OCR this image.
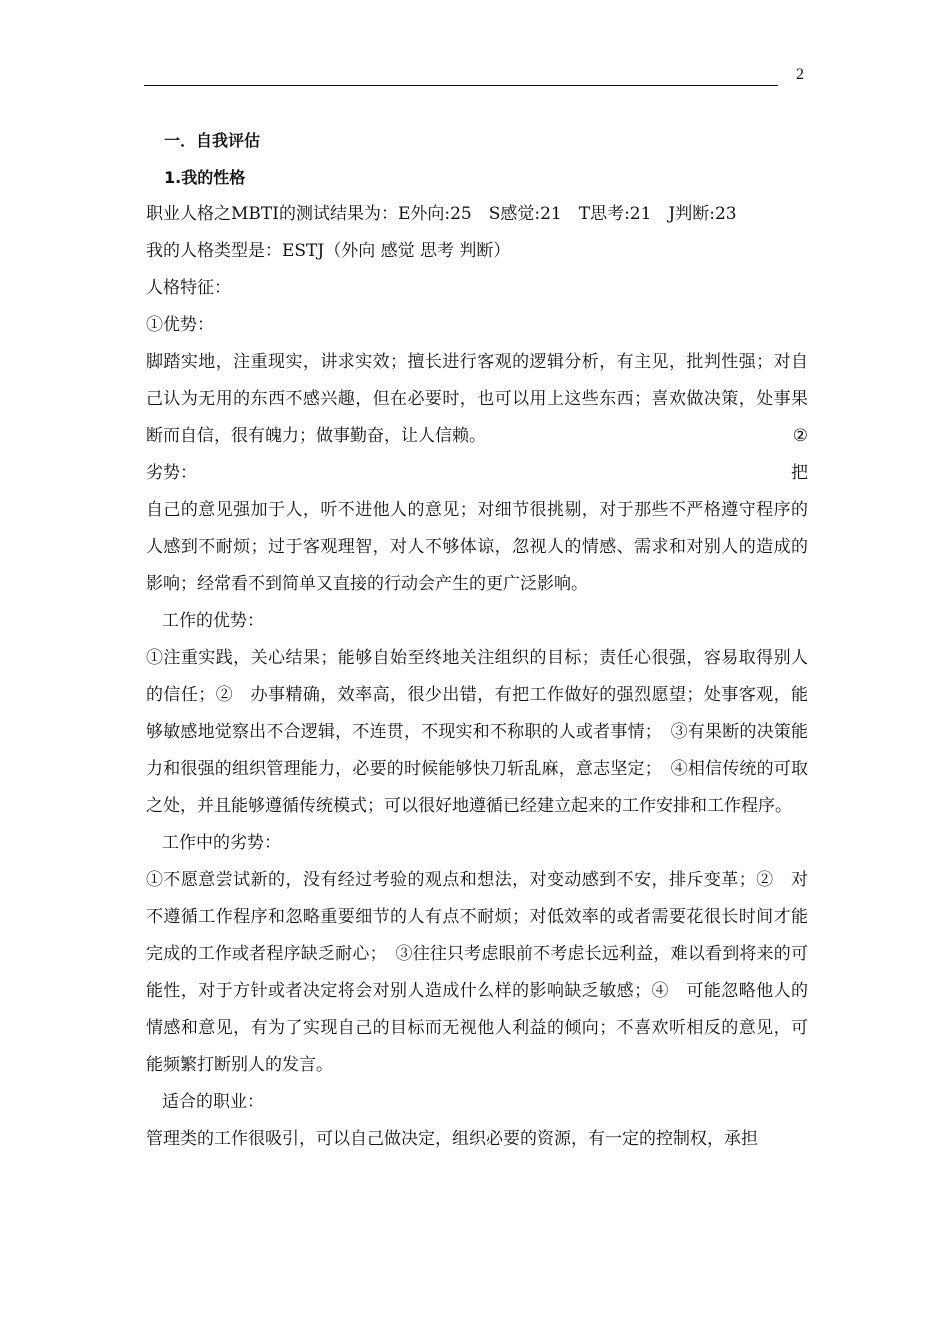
2

一．自我评估

1.我的性格

职业人格之MBTI的测试结果为：E外向:25　S感觉:21　T思考:21　J判断:23

我的人格类型是：ESTJ（外向 感觉 思考 判断）

人格特征：

①优势：

脚踏实地，注重现实，讲求实效；擅长进行客观的逻辑分析，有主见，批判性强；对自己认为无用的东西不感兴趣，但在必要时，也可以用上这些东西；喜欢做决策，处事果断而自信，很有魄力；做事勤奋，让人信赖。	②

劣势：	把

自己的意见强加于人，听不进他人的意见；对细节很挑剔，对于那些不严格遵守程序的人感到不耐烦；过于客观理智，对人不够体谅，忽视人的情感、需求和对别人的造成的影响；经常看不到简单又直接的行动会产生的更广泛影响。

工作的优势：

①注重实践，关心结果；能够自始至终地关注组织的目标；责任心很强，容易取得别人的信任；②　办事精确，效率高，很少出错，有把工作做好的强烈愿望；处事客观，能够敏感地觉察出不合逻辑，不连贯，不现实和不称职的人或者事情；　③有果断的决策能力和很强的组织管理能力，必要的时候能够快刀斩乱麻，意志坚定；　④相信传统的可取之处，并且能够遵循传统模式；可以很好地遵循已经建立起来的工作安排和工作程序。

工作中的劣势：

①不愿意尝试新的，没有经过考验的观点和想法，对变动感到不安，排斥变革；②　对不遵循工作程序和忽略重要细节的人有点不耐烦；对低效率的或者需要花很长时间才能完成的工作或者程序缺乏耐心；　③往往只考虑眼前不考虑长远利益，难以看到将来的可能性，对于方针或者决定将会对别人造成什么样的影响缺乏敏感；④　可能忽略他人的情感和意见，有为了实现自己的目标而无视他人利益的倾向；不喜欢听相反的意见，可能频繁打断别人的发言。

适合的职业：

管理类的工作很吸引，可以自己做决定，组织必要的资源，有一定的控制权，承担
